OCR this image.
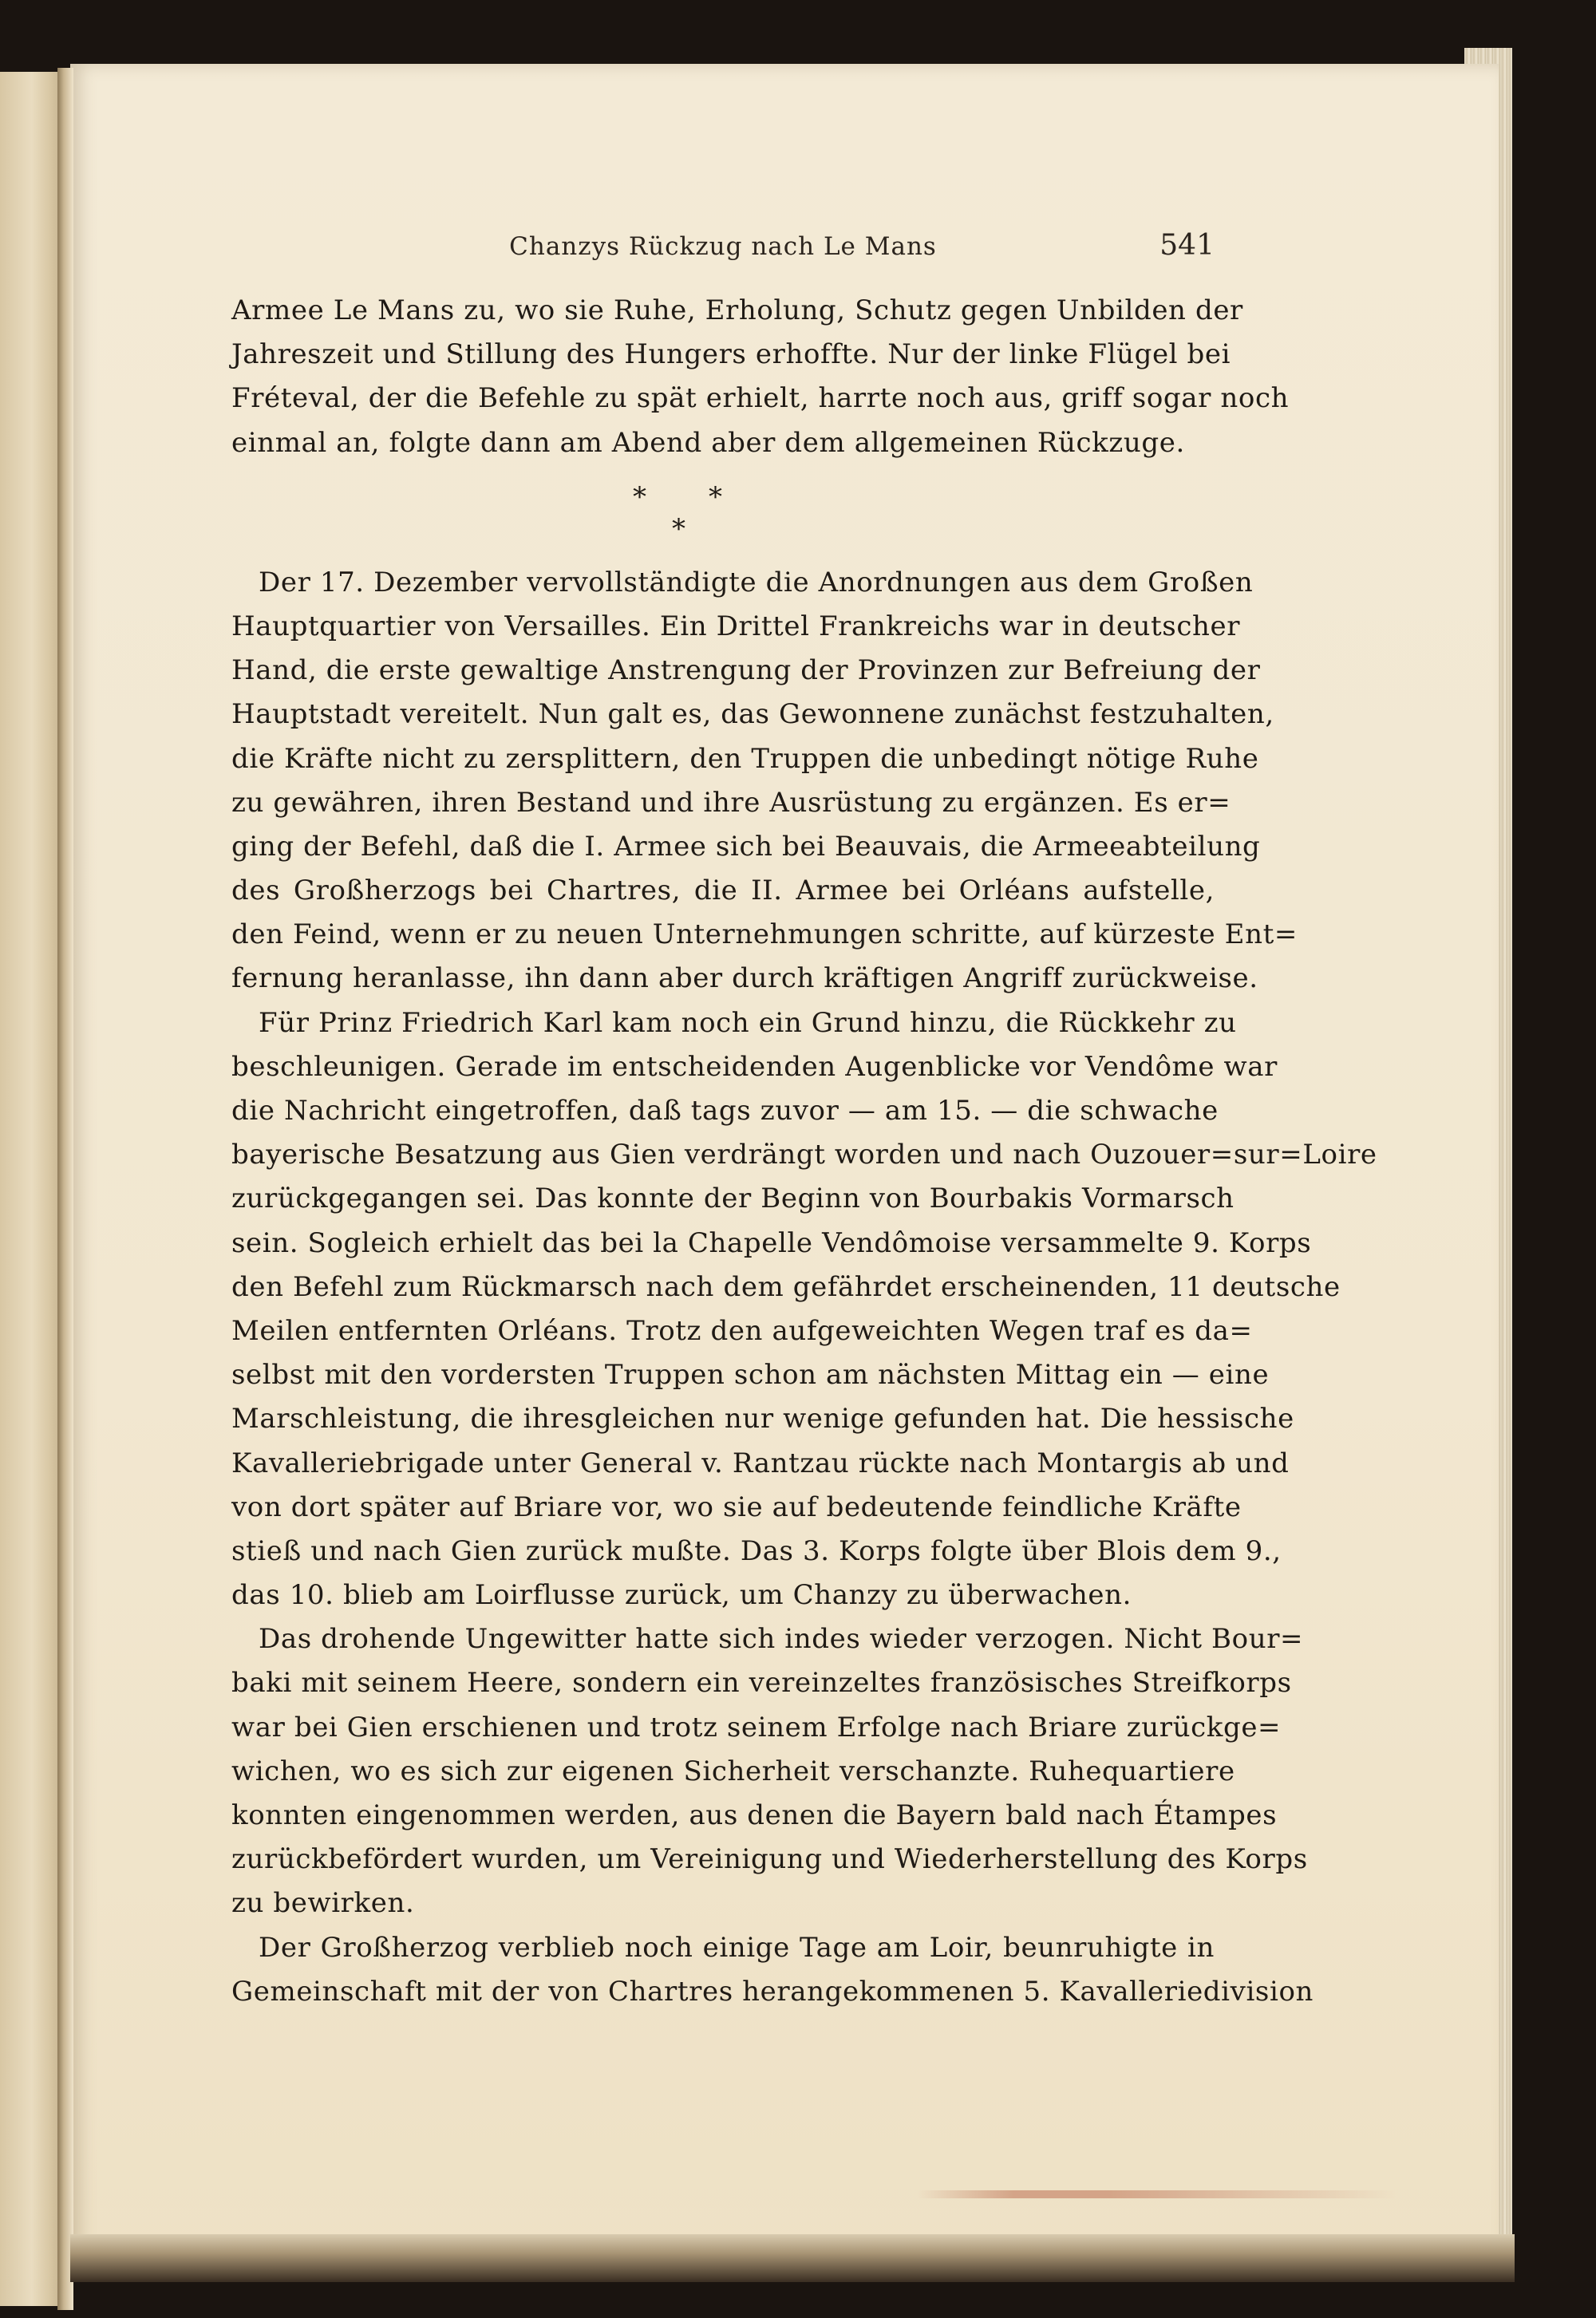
Chanzys Rückzug nach Le Mans	541
Armee Le Mans zu, wo sie Ruhe, Erholung, Schutz gegen Unbilden der
Jahreszeit und Stillung des Hungers erhoffte. Nur der linke Flügel bei
Fréteval, der die Befehle zu spät erhielt, harrte noch aus, griff sogar noch
einmal an, folgte dann am Abend aber dem allgemeinen Rückzuge.
* *
*
Der 17. Dezember vervollständigte die Anordnungen aus dem Großen
Hauptquartier von Versailles. Ein Drittel Frankreichs war in deutscher
Hand, die erste gewaltige Anstrengung der Provinzen zur Befreiung der
Hauptstadt vereitelt. Nun galt es, das Gewonnene zunächst festzuhalten,
die Kräfte nicht zu zersplittern, den Truppen die unbedingt nötige Ruhe
zu gewähren, ihren Bestand und ihre Ausrüstung zu ergänzen. Es er=
ging der Befehl, daß die I. Armee sich bei Beauvais, die Armeeabteilung
des Großherzogs bei Chartres, die II. Armee bei Orléans aufstelle,
den Feind, wenn er zu neuen Unternehmungen schritte, auf kürzeste Ent=
fernung heranlasse, ihn dann aber durch kräftigen Angriff zurückweise.
Für Prinz Friedrich Karl kam noch ein Grund hinzu, die Rückkehr zu
beschleunigen. Gerade im entscheidenden Augenblicke vor Vendôme war
die Nachricht eingetroffen, daß tags zuvor — am 15. — die schwache
bayerische Besatzung aus Gien verdrängt worden und nach Ouzouer=sur=Loire
zurückgegangen sei. Das konnte der Beginn von Bourbakis Vormarsch
sein. Sogleich erhielt das bei la Chapelle Vendômoise versammelte 9. Korps
den Befehl zum Rückmarsch nach dem gefährdet erscheinenden, 11 deutsche
Meilen entfernten Orléans. Trotz den aufgeweichten Wegen traf es da=
selbst mit den vordersten Truppen schon am nächsten Mittag ein — eine
Marschleistung, die ihresgleichen nur wenige gefunden hat. Die hessische
Kavalleriebrigade unter General v. Rantzau rückte nach Montargis ab und
von dort später auf Briare vor, wo sie auf bedeutende feindliche Kräfte
stieß und nach Gien zurück mußte. Das 3. Korps folgte über Blois dem 9.,
das 10. blieb am Loirflusse zurück, um Chanzy zu überwachen.
Das drohende Ungewitter hatte sich indes wieder verzogen. Nicht Bour=
baki mit seinem Heere, sondern ein vereinzeltes französisches Streifkorps
war bei Gien erschienen und trotz seinem Erfolge nach Briare zurückge=
wichen, wo es sich zur eigenen Sicherheit verschanzte. Ruhequartiere
konnten eingenommen werden, aus denen die Bayern bald nach Étampes
zurückbefördert wurden, um Vereinigung und Wiederherstellung des Korps
zu bewirken.
Der Großherzog verblieb noch einige Tage am Loir, beunruhigte in
Gemeinschaft mit der von Chartres herangekommenen 5. Kavalleriedivision
